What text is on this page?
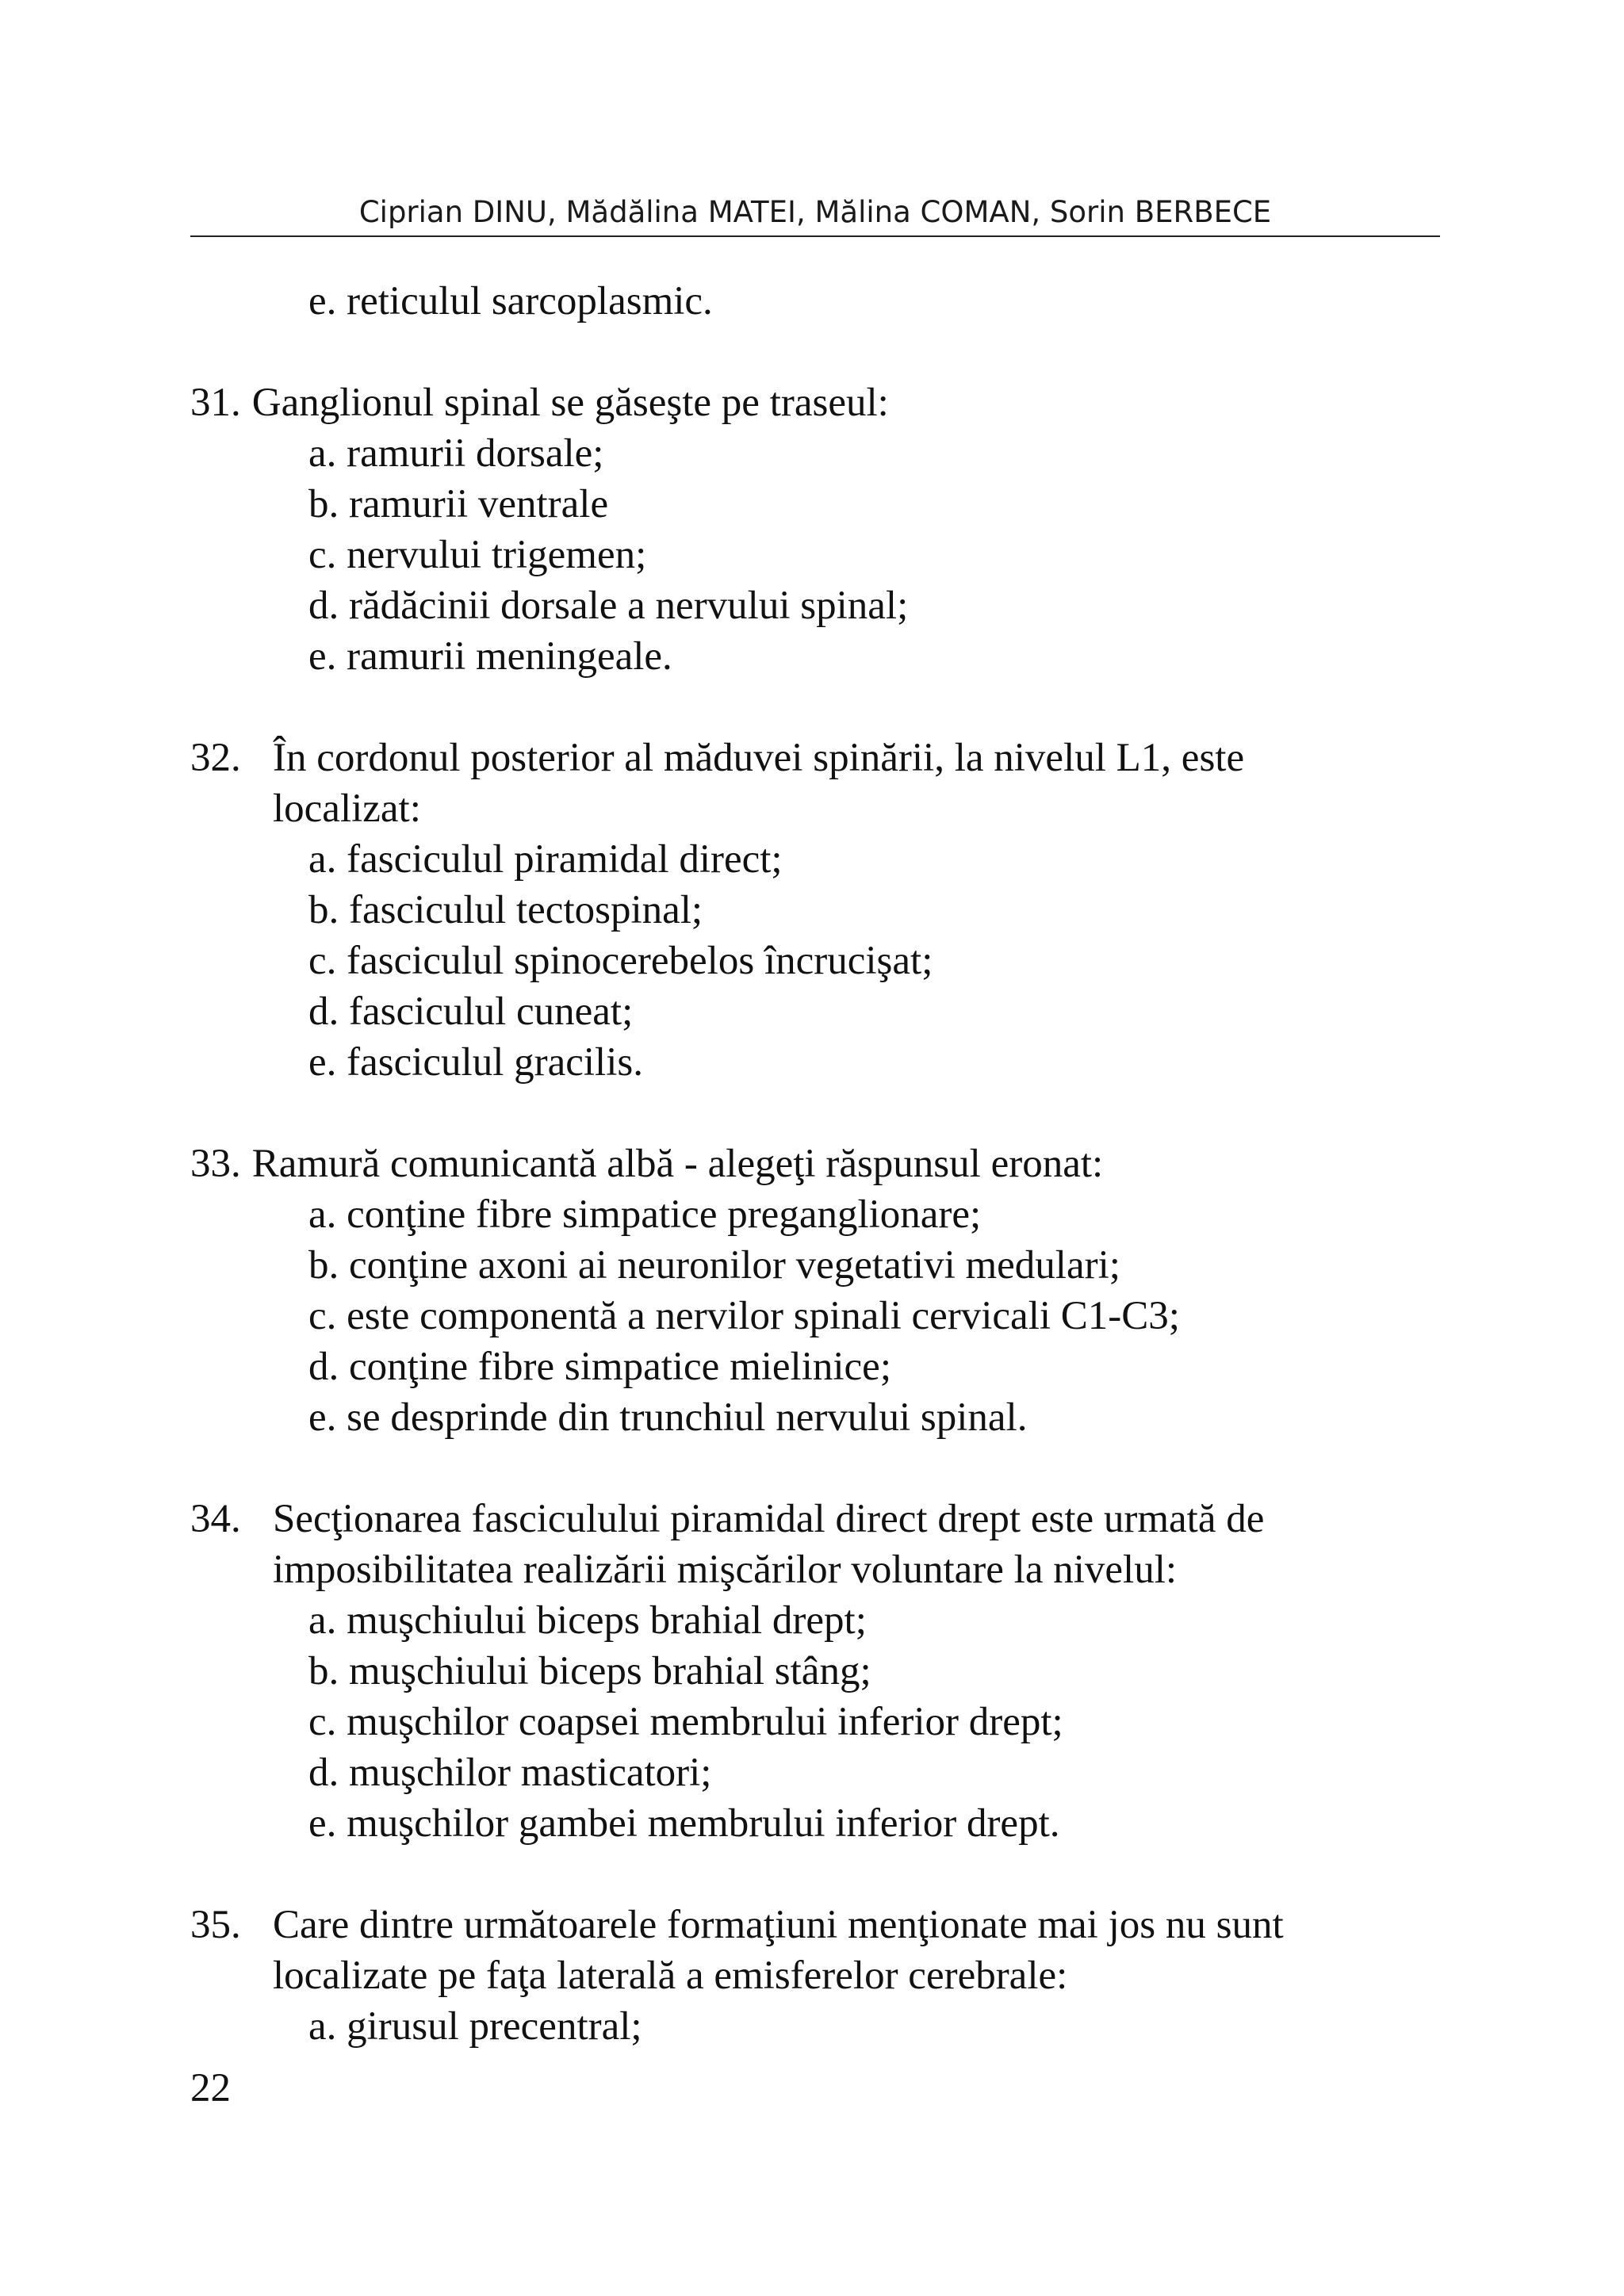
Ciprian DINU, Mădălina MATEI, Mălina COMAN, Sorin BERBECE
e. reticulul sarcoplasmic.
31. Ganglionul spinal se găseşte pe traseul:
a. ramurii dorsale;
b. ramurii ventrale
c. nervului trigemen;
d. rădăcinii dorsale a nervului spinal;
e. ramurii meningeale.
32. În cordonul posterior al măduvei spinării, la nivelul L1, este
localizat:
a. fasciculul piramidal direct;
b. fasciculul tectospinal;
c. fasciculul spinocerebelos încrucişat;
d. fasciculul cuneat;
e. fasciculul gracilis.
33. Ramură comunicantă albă - alegeţi răspunsul eronat:
a. conţine fibre simpatice preganglionare;
b. conţine axoni ai neuronilor vegetativi medulari;
c. este componentă a nervilor spinali cervicali C1-C3;
d. conţine fibre simpatice mielinice;
e. se desprinde din trunchiul nervului spinal.
34. Secţionarea fasciculului piramidal direct drept este urmată de
imposibilitatea realizării mişcărilor voluntare la nivelul:
a. muşchiului biceps brahial drept;
b. muşchiului biceps brahial stâng;
c. muşchilor coapsei membrului inferior drept;
d. muşchilor masticatori;
e. muşchilor gambei membrului inferior drept.
35. Care dintre următoarele formaţiuni menţionate mai jos nu sunt
localizate pe faţa laterală a emisferelor cerebrale:
a. girusul precentral;
22
